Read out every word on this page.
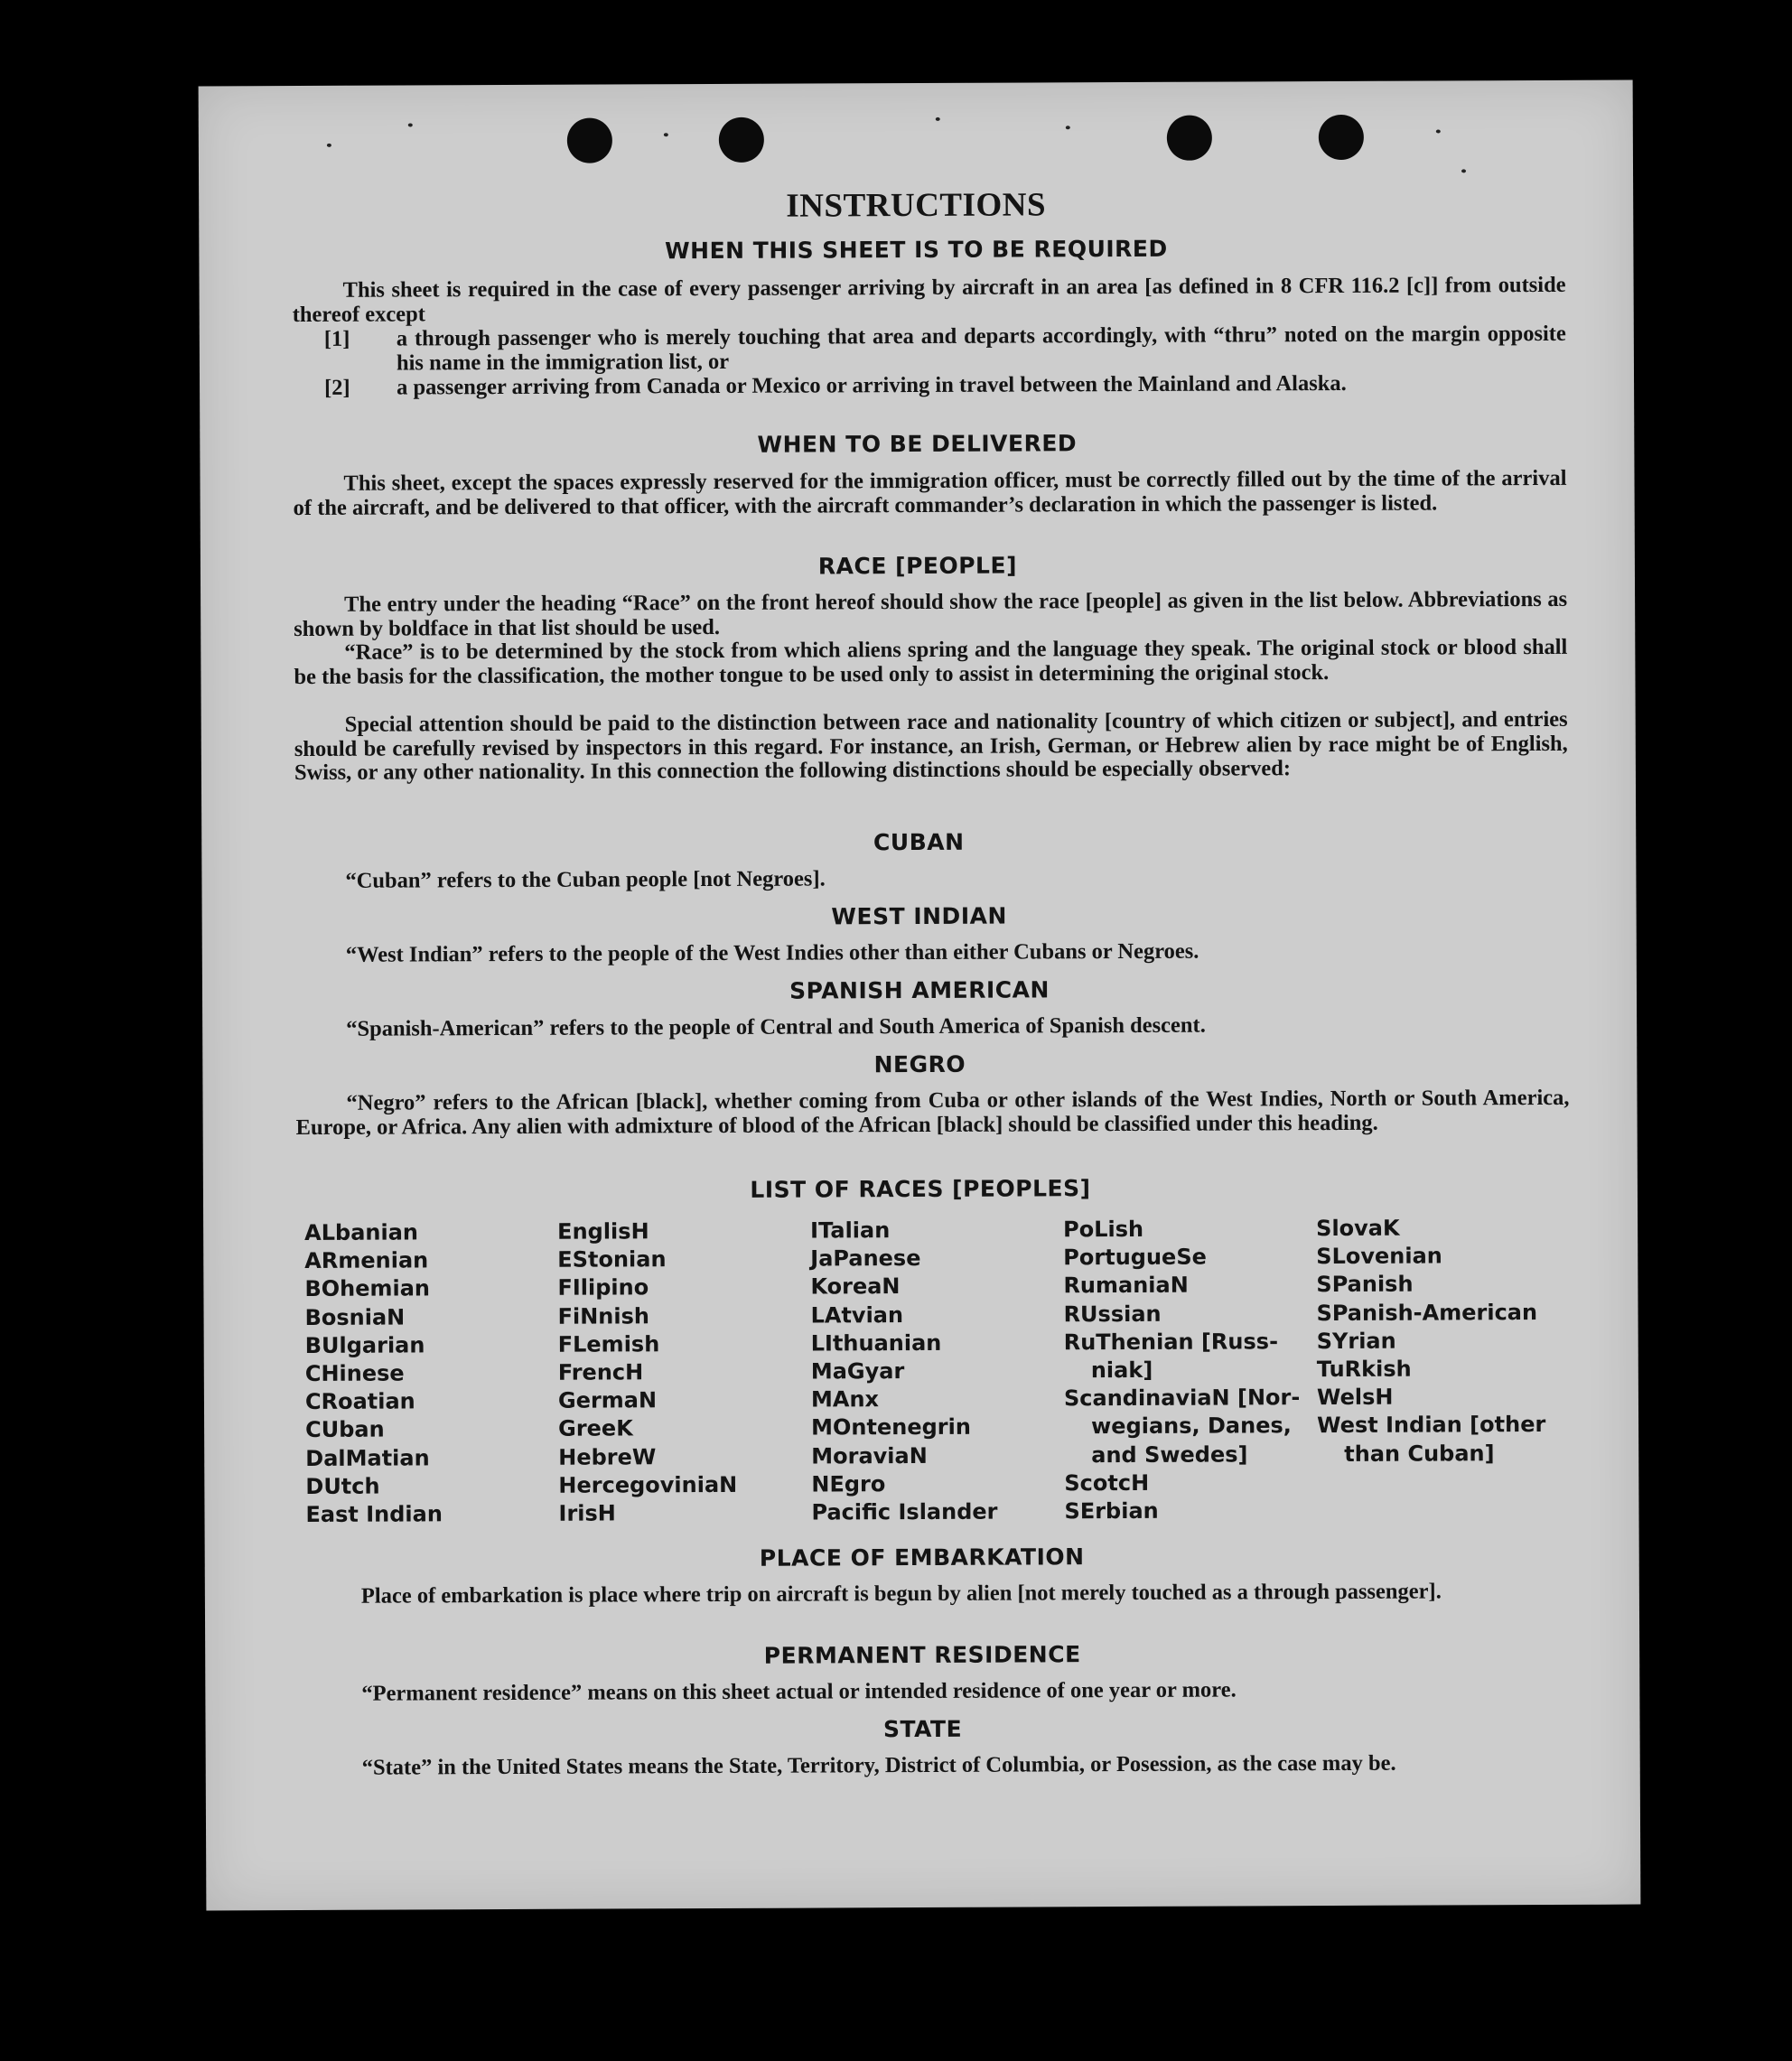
INSTRUCTIONS
WHEN THIS SHEET IS TO BE REQUIRED
This sheet is required in the case of every passenger arriving by aircraft in an area [as defined in 8 CFR 116.2 [c]] from outside thereof except
[1] a through passenger who is merely touching that area and departs accordingly, with “thru” noted on the margin opposite his name in the immigration list, or
[2] a passenger arriving from Canada or Mexico or arriving in travel between the Mainland and Alaska.
WHEN TO BE DELIVERED
This sheet, except the spaces expressly reserved for the immigration officer, must be correctly filled out by the time of the arrival of the aircraft, and be delivered to that officer, with the aircraft commander’s declaration in which the passenger is listed.
RACE [PEOPLE]
The entry under the heading “Race” on the front hereof should show the race [people] as given in the list below. Abbreviations as shown by boldface in that list should be used.
“Race” is to be determined by the stock from which aliens spring and the language they speak. The original stock or blood shall be the basis for the classification, the mother tongue to be used only to assist in determining the original stock.
Special attention should be paid to the distinction between race and nationality [country of which citizen or subject], and entries should be carefully revised by inspectors in this regard. For instance, an Irish, German, or Hebrew alien by race might be of English, Swiss, or any other nationality. In this connection the following distinctions should be especially observed:
CUBAN
“Cuban” refers to the Cuban people [not Negroes].
WEST INDIAN
“West Indian” refers to the people of the West Indies other than either Cubans or Negroes.
SPANISH AMERICAN
“Spanish-American” refers to the people of Central and South America of Spanish descent.
NEGRO
“Negro” refers to the African [black], whether coming from Cuba or other islands of the West Indies, North or South America, Europe, or Africa. Any alien with admixture of blood of the African [black] should be classified under this heading.
LIST OF RACES [PEOPLES]
ALbanian
ARmenian
BOhemian
BosniaN
BUlgarian
CHinese
CRoatian
CUban
DalMatian
DUtch
East Indian
EnglisH
EStonian
FIlipino
FiNnish
FLemish
FrencH
GermaN
GreeK
HebreW
HercegoviniaN
IrisH
ITalian
JaPanese
KoreaN
LAtvian
LIthuanian
MaGyar
MAnx
MOntenegrin
MoraviaN
NEgro
Pacific Islander
PoLish
PortugueSe
RumaniaN
RUssian
RuThenian [Russ-
niak]
ScandinaviaN [Nor-
wegians, Danes,
and Swedes]
ScotcH
SErbian
SlovaK
SLovenian
SPanish
SPanish-American
SYrian
TuRkish
WelsH
West Indian [other
than Cuban]
PLACE OF EMBARKATION
Place of embarkation is place where trip on aircraft is begun by alien [not merely touched as a through passenger].
PERMANENT RESIDENCE
“Permanent residence” means on this sheet actual or intended residence of one year or more.
STATE
“State” in the United States means the State, Territory, District of Columbia, or Posession, as the case may be.
